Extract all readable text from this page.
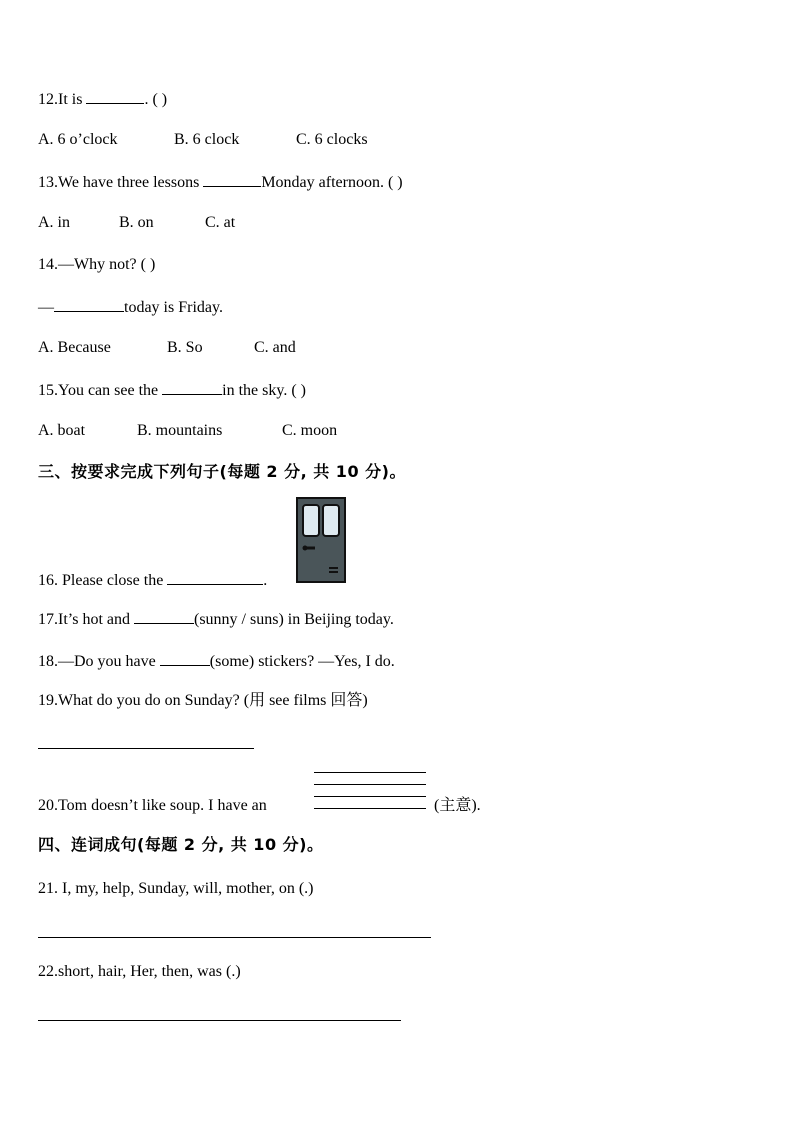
12.It is	. ( )
A. 6 o’clock	B. 6 clock	C. 6 clocks
13.We have three lessons	Monday afternoon. ( )
A. in	B. on	C. at
14.—Why not? ( )
—	today is Friday.
A. Because	B. So	C. and
15.You can see the	in the sky. ( )
A. boat	B. mountains	C. moon
三、按要求完成下列句子(每题 2 分, 共 10 分)。
16. Please close the	.
17.It’s hot and	(sunny / suns) in Beijing today.
18.—Do you have	(some) stickers? —Yes, I do.
19.What do you do on Sunday? (用 see films 回答)
20.Tom doesn’t like soup. I have an	(主意).
四、连词成句(每题 2 分, 共 10 分)。
21. I, my, help, Sunday, will, mother, on (.)
22.short, hair, Her, then, was (.)
